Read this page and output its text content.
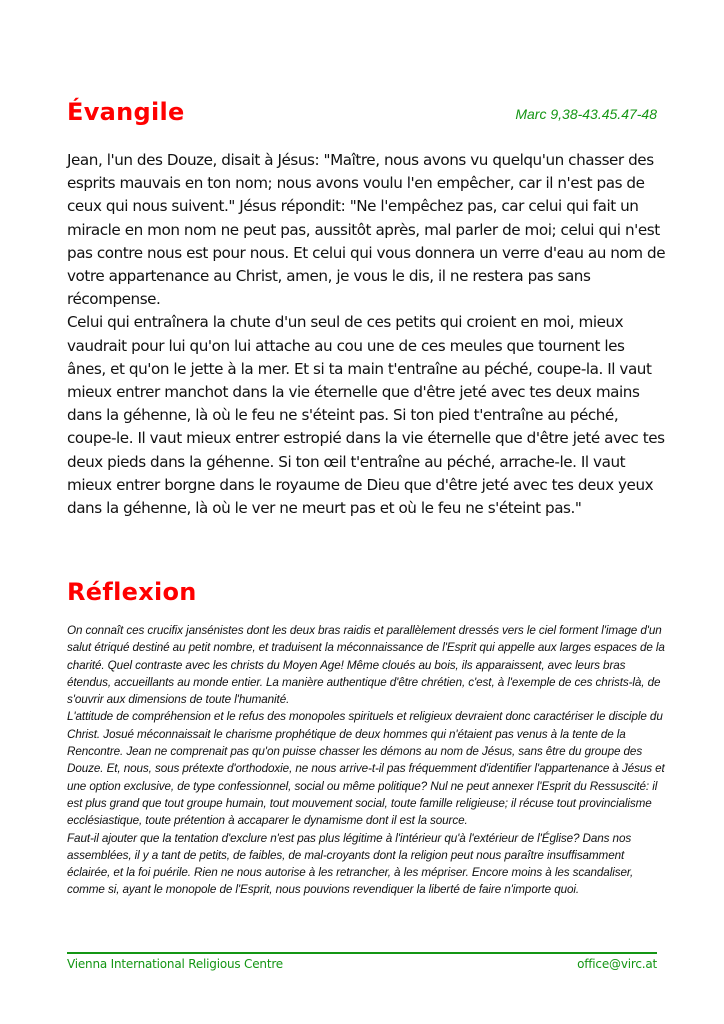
Évangile	Marc 9,38-43.45.47-48

Jean, l'un des Douze, disait à Jésus: "Maître, nous avons vu quelqu'un chasser des esprits mauvais en ton nom; nous avons voulu l'en empêcher, car il n'est pas de ceux qui nous suivent." Jésus répondit: "Ne l'empêchez pas, car celui qui fait un miracle en mon nom ne peut pas, aussitôt après, mal parler de moi; celui qui n'est pas contre nous est pour nous. Et celui qui vous donnera un verre d'eau au nom de votre appartenance au Christ, amen, je vous le dis, il ne restera pas sans récompense.

Celui qui entraînera la chute d'un seul de ces petits qui croient en moi, mieux vaudrait pour lui qu'on lui attache au cou une de ces meules que tournent les ânes, et qu'on le jette à la mer. Et si ta main t'entraîne au péché, coupe-la. Il vaut mieux entrer manchot dans la vie éternelle que d'être jeté avec tes deux mains dans la géhenne, là où le feu ne s'éteint pas. Si ton pied t'entraîne au péché, coupe-le. Il vaut mieux entrer estropié dans la vie éternelle que d'être jeté avec tes deux pieds dans la géhenne. Si ton œil t'entraîne au péché, arrache-le. Il vaut mieux entrer borgne dans le royaume de Dieu que d'être jeté avec tes deux yeux dans la géhenne, là où le ver ne meurt pas et où le feu ne s'éteint pas."

Réflexion

On connaît ces crucifix jansénistes dont les deux bras raidis et parallèlement dressés vers le ciel forment l'image d'un salut étriqué destiné au petit nombre, et traduisent la méconnaissance de l'Esprit qui appelle aux larges espaces de la charité. Quel contraste avec les christs du Moyen Age! Même cloués au bois, ils apparaissent, avec leurs bras étendus, accueillants au monde entier. La manière authentique d'être chrétien, c'est, à l'exemple de ces christs-là, de s'ouvrir aux dimensions de toute l'humanité.

L'attitude de compréhension et le refus des monopoles spirituels et religieux devraient donc caractériser le disciple du Christ. Josué méconnaissait le charisme prophétique de deux hommes qui n'étaient pas venus à la tente de la Rencontre. Jean ne comprenait pas qu'on puisse chasser les démons au nom de Jésus, sans être du groupe des Douze. Et, nous, sous prétexte d'orthodoxie, ne nous arrive-t-il pas fréquemment d'identifier l'appartenance à Jésus et une option exclusive, de type confessionnel, social ou même politique? Nul ne peut annexer l'Esprit du Ressuscité: il est plus grand que tout groupe humain, tout mouvement social, toute famille religieuse; il récuse tout provincialisme ecclésiastique, toute prétention à accaparer le dynamisme dont il est la source.

Faut-il ajouter que la tentation d'exclure n'est pas plus légitime à l'intérieur qu'à l'extérieur de l'Église? Dans nos assemblées, il y a tant de petits, de faibles, de mal-croyants dont la religion peut nous paraître insuffisamment éclairée, et la foi puérile. Rien ne nous autorise à les retrancher, à les mépriser. Encore moins à les scandaliser, comme si, ayant le monopole de l'Esprit, nous pouvions revendiquer la liberté de faire n'importe quoi.

Vienna International Religious Centre	office@virc.at
